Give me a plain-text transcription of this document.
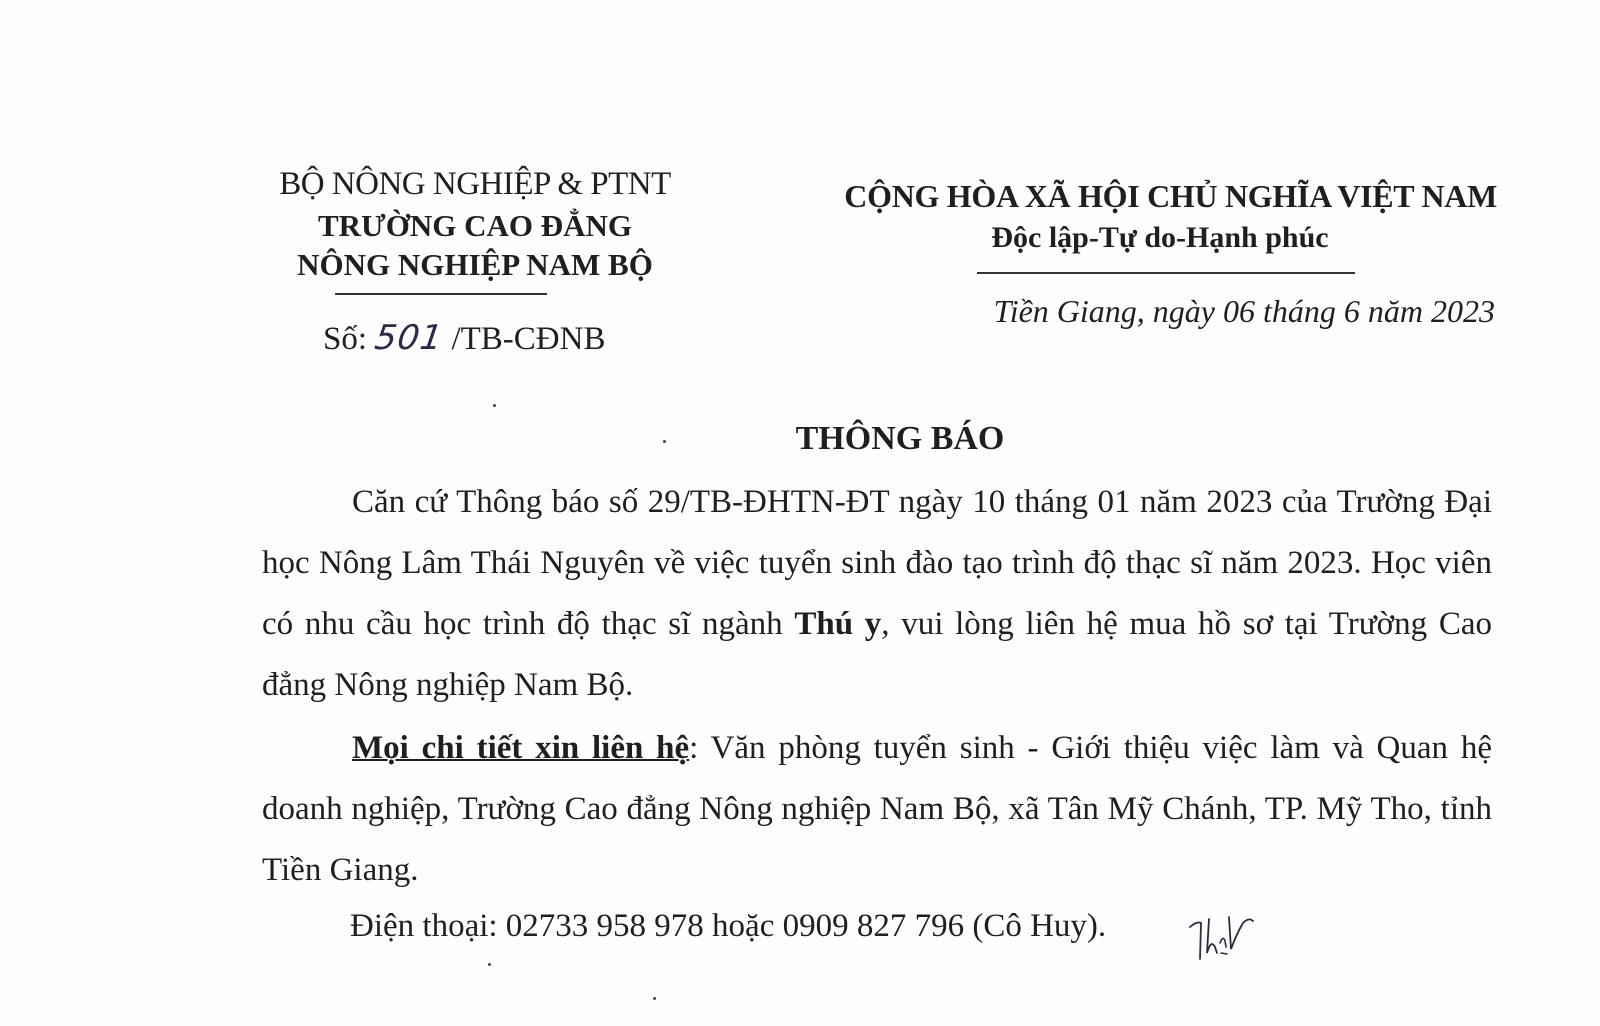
BỘ NÔNG NGHIỆP & PTNT
TRƯỜNG CAO ĐẲNG
NÔNG NGHIỆP NAM BỘ
Số: 501 /TB-CĐNB
CỘNG HÒA XÃ HỘI CHỦ NGHĨA VIỆT NAM
Độc lập-Tự do-Hạnh phúc
Tiền Giang, ngày 06 tháng 6 năm 2023
THÔNG BÁO
Căn cứ Thông báo số 29/TB-ĐHTN-ĐT ngày 10 tháng 01 năm 2023 của Trường Đại học Nông Lâm Thái Nguyên về việc tuyển sinh đào tạo trình độ thạc sĩ năm 2023. Học viên có nhu cầu học trình độ thạc sĩ ngành Thú y, vui lòng liên hệ mua hồ sơ tại Trường Cao đẳng Nông nghiệp Nam Bộ.
Mọi chi tiết xin liên hệ: Văn phòng tuyển sinh - Giới thiệu việc làm và Quan hệ doanh nghiệp, Trường Cao đẳng Nông nghiệp Nam Bộ, xã Tân Mỹ Chánh, TP. Mỹ Tho, tỉnh Tiền Giang.
Điện thoại: 02733 958 978 hoặc 0909 827 796 (Cô Huy).
